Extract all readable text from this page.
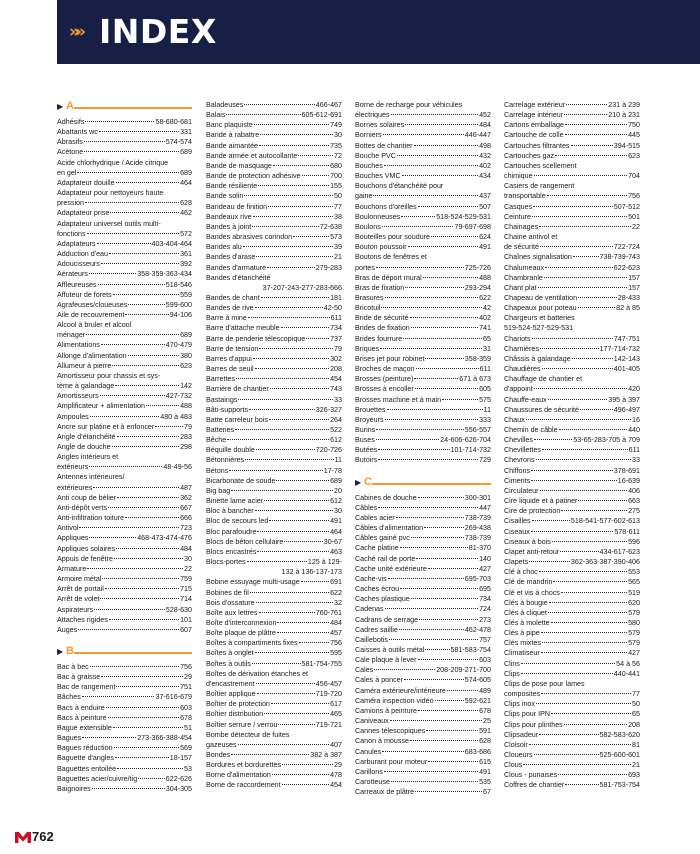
»» INDEX
▶ A
Adhésifs	58-680-681
Abattants wc	331
Abrasifs	574-574
Acétone	689
Acide chlorhydrique / Acide citrique
en gel	689
Adaptateur douille	464
Adaptateur pour nettoyeurs haute
pression	628
Adaptateur prise	462
Adaptateur universel outils multi-
fonctions	572
Adaptateurs	403-404-464
Adduction d'eau	361
Adoucisseurs	392
Aérateurs	358-359-363-434
Affleureuses	518-546
Affuteur de forets	559
Agrafeuses/cloueuses	599-600
Aile de recouvrement	94-106
Alcool à bruler et alcool
ménager	689
Alimentations	470-479
Allonge d'alimentation	380
Allumeur à pierre	623
Amortisseur pour chassis et sys-
tème à galandage	142
Amortisseurs	427-732
Amplificateur + alimentation	488
Ampoules	480 à 483
Ancre sur platine et à enfoncer	79
Angle d'étanchéité	283
Angle de douche	298
Angles intérieurs et
extérieurs	48-49-56
Antennes intérieures/
extérieures	487
Anti coup de bélier	362
Anti-dépôt verts	667
Anti-infiltration toiture	666
Antivol	723
Appliques	468-473-474-476
Appliques solaires	484
Appuis de fenêtre	30
Armature	22
Armoire métal	759
Arrêt de portail	715
Arrêt de volet	714
Aspirateurs	528-630
Attaches rigides	101
Auges	607
▶ B
Bac à bec	756
Bac à graisse	29
Bac de rangement	751
Bâches	37-616-679
Bacs à enduire	603
Bacs à peinture	678
Bague extensible	51
Bagues	273-366-388-454
Bagues réduction	569
Baguette d'angles	18-157
Baguettes entoilée	53
Baguettes acier/cuivre/tig	622-626
Baignoires	304-305
Baladeuses	466-467
Balais	605-612-691
Banc plaquiste	749
Bande à rabattre	30
Bande aimantée	735
Bande armée et autocollante	72
Bande de masquage	680
Bande de protection adhésive	700
Bande résiliente	155
Bande solin	50
Bandeau de finition	77
Bandeaux rive	38
Bandes à joint	72-638
Bandes abrasives corindon	573
Bandes alu	39
Bandes d'arase	21
Bandes d'armature	279-283
Bandes d'étanchéité
37-207-243-277-283-666
Bandes de chant	181
Bandes de rive	42-50
Barre à mine	611
Barre d'attache meuble	734
Barre de penderie télescopique	737
Barre de tension	79
Barres d'appui	302
Barres de seuil	208
Barrettes	454
Barrière de chantier	743
Bastaings	33
Bâti-supports	326-327
Batte carreleur bois	264
Batteries	522
Bêche	612
Béquille double	720-726
Bétonnières	11
Bétons	17-78
Bicarbonate de soude	689
Big bag	20
Binette lame acier	612
Bloc à bancher	30
Bloc de secours led	491
Bloc parafoudre	464
Blocs de béton cellulaire	30-67
Blocs encastrés	463
Blocs-portes	125 à 129-
132 à 136-137-173
Bobine essuyage multi-usage	691
Bobines de fil	622
Bois d'ossature	32
Boîte aux lettres	760-761
Boîte d'interconnexion	484
Boîte plaque de plâtre	457
Boîtes à compartiments fixes	756
Boîtes à onglet	595
Boîtes à outils	581-754-755
Boîtes de dérivation étanches et
d'encastrement	456-457
Boîtier applique	719-720
Boîtier de protection	617
Boîtier distribution	465
Boîtier serrure / verrou	719-721
Bombe détecteur de fuites
gazeuses	407
Bondes	382 à 387
Bordures et bordurettes	29
Borne d'alimentation	478
Borne de raccordement	454
Borne de recharge pour véhicules
électriques	452
Bornes solaires	484
Borniers	446-447
Bottes de chantier	498
Bouche PVC	432
Bouches	402
Bouches VMC	434
Bouchons d'étanchéité pour
gaine	437
Bouchons d'oreilles	507
Boulonneuses	518-524-529-531
Boulons	79-697-698
Bouteilles pour soudure	624
Bouton poussoir	491
Boutons de fenêtres et
portes	725-726
Bras de déport mural	488
Bras de fixation	293-294
Brasures	622
Bricotuil	42
Bride de sécurité	402
Brides de fixation	741
Brides fourrure	65
Briques	31
Brises jet pour robinet	358-359
Broches de maçon	611
Brosses (peinture)	671 à 673
Brosses à encoller	605
Brosses machine et à main	575
Brouettes	11
Broyeurs	333
Burins	556-557
Buses	24-606-626-704
Butées	101-714-732
Butoirs	729
▶ C
Cabines de douche	300-301
Câbles	447
Cables acier	738-739
Câbles d'alimentation	269-438
Câbles gainé pvc	738-739
Cache platine	81-370
Caché rail de porte	140
Cache unité extérieure	427
Cache-vis	695-703
Caches écrou	695
Caches plastique	734
Cadenas	724
Cadrans de serrage	273
Cadres saillie	462-478
Caillebotis	757
Caisses à outils métal	581-583-754
Cale plaque à lever	603
Cales	208-209-271-700
Cales à poncer	574-605
Caméra extérieure/intérieure	489
Caméra inspection vidéo	592-621
Camions à peinture	678
Caniveaux	25
Cannes télescopiques	591
Canon à mousse	628
Canules	683-686
Carburant pour moteur	615
Carillons	491
Carotteuse	535
Carreaux de plâtre	67
Carrelage extérieur	231 à 239
Carrelage intérieur	210 à 231
Cartons emballage	750
Cartouche de colle	445
Cartouches filtrantes	394-515
Cartouches gaz	623
Cartouches scellement
chimique	704
Casiers de rangement
transportable	756
Casques	507-512
Ceinture	501
Chainages	22
Chaine antivol et
de sécurité	722-724
Chaînes signalisation	738-739-743
Chalumeaux	622-623
Chambranle	157
Chant plat	157
Chapeau de ventilation	28-433
Chapeaux pour poteau	82 à 85
Chargeurs et batteries
519-524-527-529-531
Chariots	747-751
Charnières	177-714-732
Châssis à galandage	142-143
Chaudières	401-405
Chauffage de chantier et
d'appoint	420
Chauffe-eaux	395 à 397
Chaussures de sécurité	496-497
Chaux	16
Chemin de câble	440
Chevilles	53-65-283-705 à 709
Chevillettes	611
Chevrons	33
Chiffons	378-691
Ciments	16-639
Circulateur	406
Cire liquide et à patiner	663
Cire de protection	275
Cisailles	518-541-577-602-613
Ciseaux	578-611
Ciseaux à bois	596
Clapet anti-retour	434-617-623
Clapets	362-363-387-390-406
Clé à choc	553
Clé de mandrin	565
Clé et vis à chocs	519
Clés à bougie	620
Clés à cliquet	579
Clés à molette	580
Clés à pipe	579
Clés mixtes	579
Climatiseur	427
Clins	54 à 56
Clips	440-441
Clips de pose pour lames
composites	77
Clips inox	50
Clips pour IPN	65
Clips pour plinthes	208
Clipsadeur	582-583-620
Cloisoir	81
Cloueurs	525-600-601
Clous	21
Clous - punaises	693
Coffres de chantier	581-753-754
762
